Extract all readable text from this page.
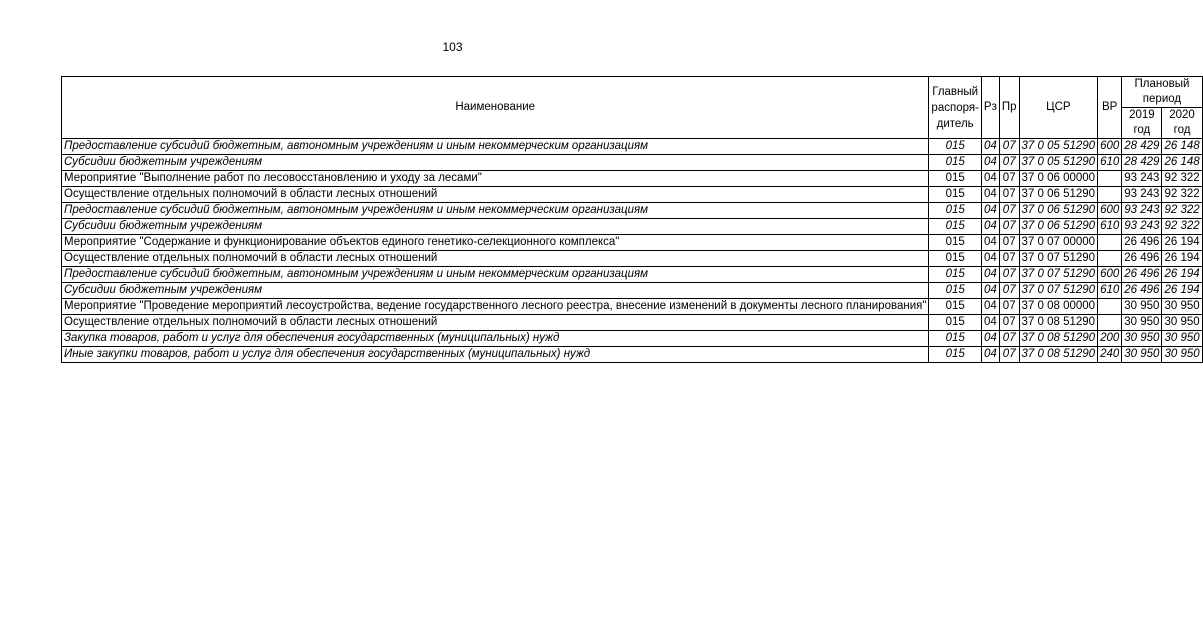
103
Наименование	Главный распоря-дитель	Рз	Пр	ЦСР	ВР	Плановый период	
						2019 год	2020 год
Предоставление субсидий бюджетным, автономным учреждениям и иным некоммерческим организациям	015	04	07	37 0 05 51290	600	28 429	26 148
Субсидии бюджетным учреждениям	015	04	07	37 0 05 51290	610	28 429	26 148
Мероприятие "Выполнение работ по лесовосстановлению и уходу за лесами"	015	04	07	37 0 06 00000		93 243	92 322
Осуществление отдельных полномочий в области лесных отношений	015	04	07	37 0 06 51290		93 243	92 322
Предоставление субсидий бюджетным, автономным учреждениям и иным некоммерческим организациям	015	04	07	37 0 06 51290	600	93 243	92 322
Субсидии бюджетным учреждениям	015	04	07	37 0 06 51290	610	93 243	92 322
Мероприятие "Содержание и функционирование объектов единого генетико-селекционного комплекса"	015	04	07	37 0 07 00000		26 496	26 194
Осуществление отдельных полномочий в области лесных отношений	015	04	07	37 0 07 51290		26 496	26 194
Предоставление субсидий бюджетным, автономным учреждениям и иным некоммерческим организациям	015	04	07	37 0 07 51290	600	26 496	26 194
Субсидии бюджетным учреждениям	015	04	07	37 0 07 51290	610	26 496	26 194
Мероприятие "Проведение мероприятий лесоустройства, ведение государственного лесного реестра, внесение изменений в документы лесного планирования"	015	04	07	37 0 08 00000		30 950	30 950
Осуществление отдельных полномочий в области лесных отношений	015	04	07	37 0 08 51290		30 950	30 950
Закупка товаров, работ и услуг для обеспечения государственных (муниципальных) нужд	015	04	07	37 0 08 51290	200	30 950	30 950
Иные закупки товаров, работ и услуг для обеспечения государственных (муниципальных) нужд	015	04	07	37 0 08 51290	240	30 950	30 950
